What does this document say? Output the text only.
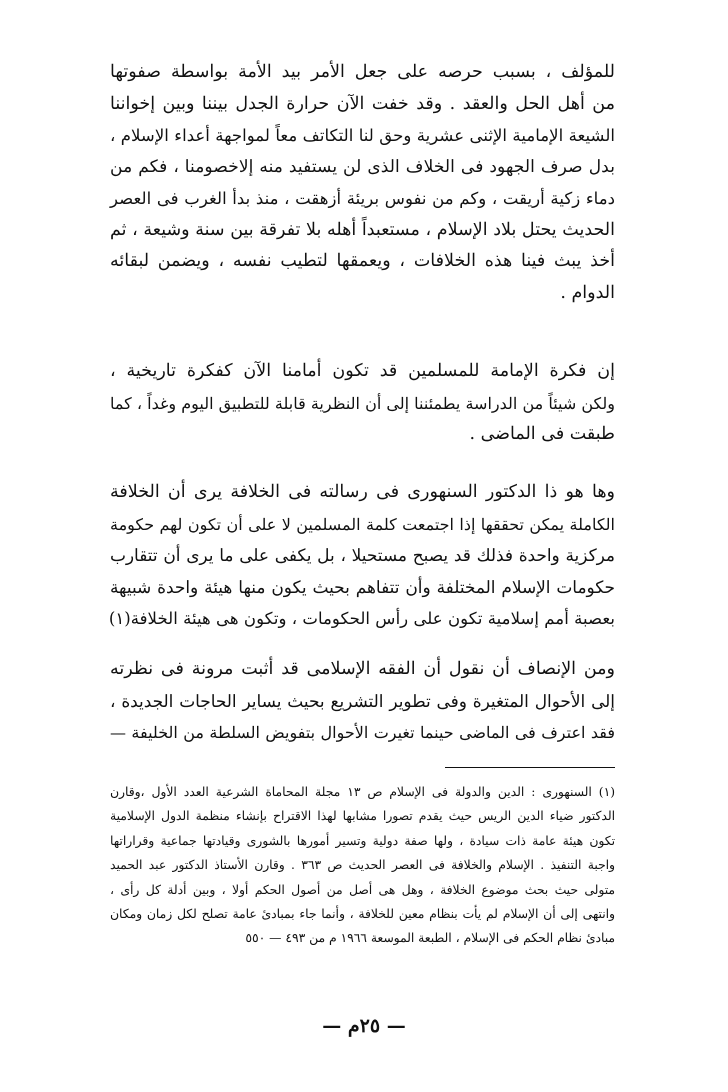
للمؤلف ، بسبب حرصه على جعل الأمر بيد الأمة بواسطة صفوتها
من أهل الحل والعقد . وقد خفت الآن حرارة الجدل بيننا وبين إخواننا
الشيعة الإمامية الإثنى عشرية وحق لنا التكاتف معاً لمواجهة أعداء الإسلام ،
بدل صرف الجهود فى الخلاف الذى لن يستفيد منه إلاخصومنا ، فكم من
دماء زكية أريقت ، وكم من نفوس بريئة أزهقت ، منذ بدأ الغرب فى العصر
الحديث يحتل بلاد الإسلام ، مستعبداً أهله بلا تفرقة بين سنة وشيعة ، ثم
أخذ يبث فينا هذه الخلافات ، ويعمقها لتطيب نفسه ، ويضمن لبقائه
الدوام .
إن فكرة الإمامة للمسلمين قد تكون أمامنا الآن كفكرة تاريخية ،
ولكن شيئاً من الدراسة يطمئننا إلى أن النظرية قابلة للتطبيق اليوم وغداً ، كما
طبقت فى الماضى .
وها هو ذا الدكتور السنهورى فى رسالته فى الخلافة يرى أن الخلافة
الكاملة يمكن تحققها إذا اجتمعت كلمة المسلمين لا على أن تكون لهم حكومة
مركزية واحدة فذلك قد يصبح مستحيلا ، بل يكفى على ما يرى أن تتقارب
حكومات الإسلام المختلفة وأن تتفاهم بحيث يكون منها هيئة واحدة شبيهة
بعصبة أمم إسلامية تكون على رأس الحكومات ، وتكون هى هيئة الخلافة(١)
ومن الإنصاف أن نقول أن الفقه الإسلامى قد أثبت مرونة فى نظرته
إلى الأحوال المتغيرة وفى تطوير التشريع بحيث يساير الحاجات الجديدة ،
فقد اعترف فى الماضى حينما تغيرت الأحوال بتفويض السلطة من الخليفة —
(١) السنهورى : الدين والدولة فى الإسلام ص ١٣ مجلة المحاماة الشرعية العدد الأول ،وقارن
الدكتور ضياء الدين الريس حيث يقدم تصورا مشابها لهذا الاقتراح بإنشاء منظمة الدول الإسلامية
تكون هيئة عامة ذات سيادة ، ولها صفة دولية وتسير أمورها بالشورى وقيادتها جماعية وقراراتها
واجبة التنفيذ . الإسلام والخلافة فى العصر الحديث ص ٣٦٣ . وقارن الأستاذ الدكتور عبد الحميد
متولى حيث بحث موضوع الخلافة ، وهل هى أصل من أصول الحكم أولا ، وبين أدلة كل رأى ،
وانتهى إلى أن الإسلام لم يأت بنظام معين للخلافة ، وأنما جاء بمبادئ عامة تصلح لكل زمان ومكان
مبادئ نظام الحكم فى الإسلام ، الطبعة الموسعة ١٩٦٦ م من ٤٩٣ — ٥٥٠
— ٢٥م —
